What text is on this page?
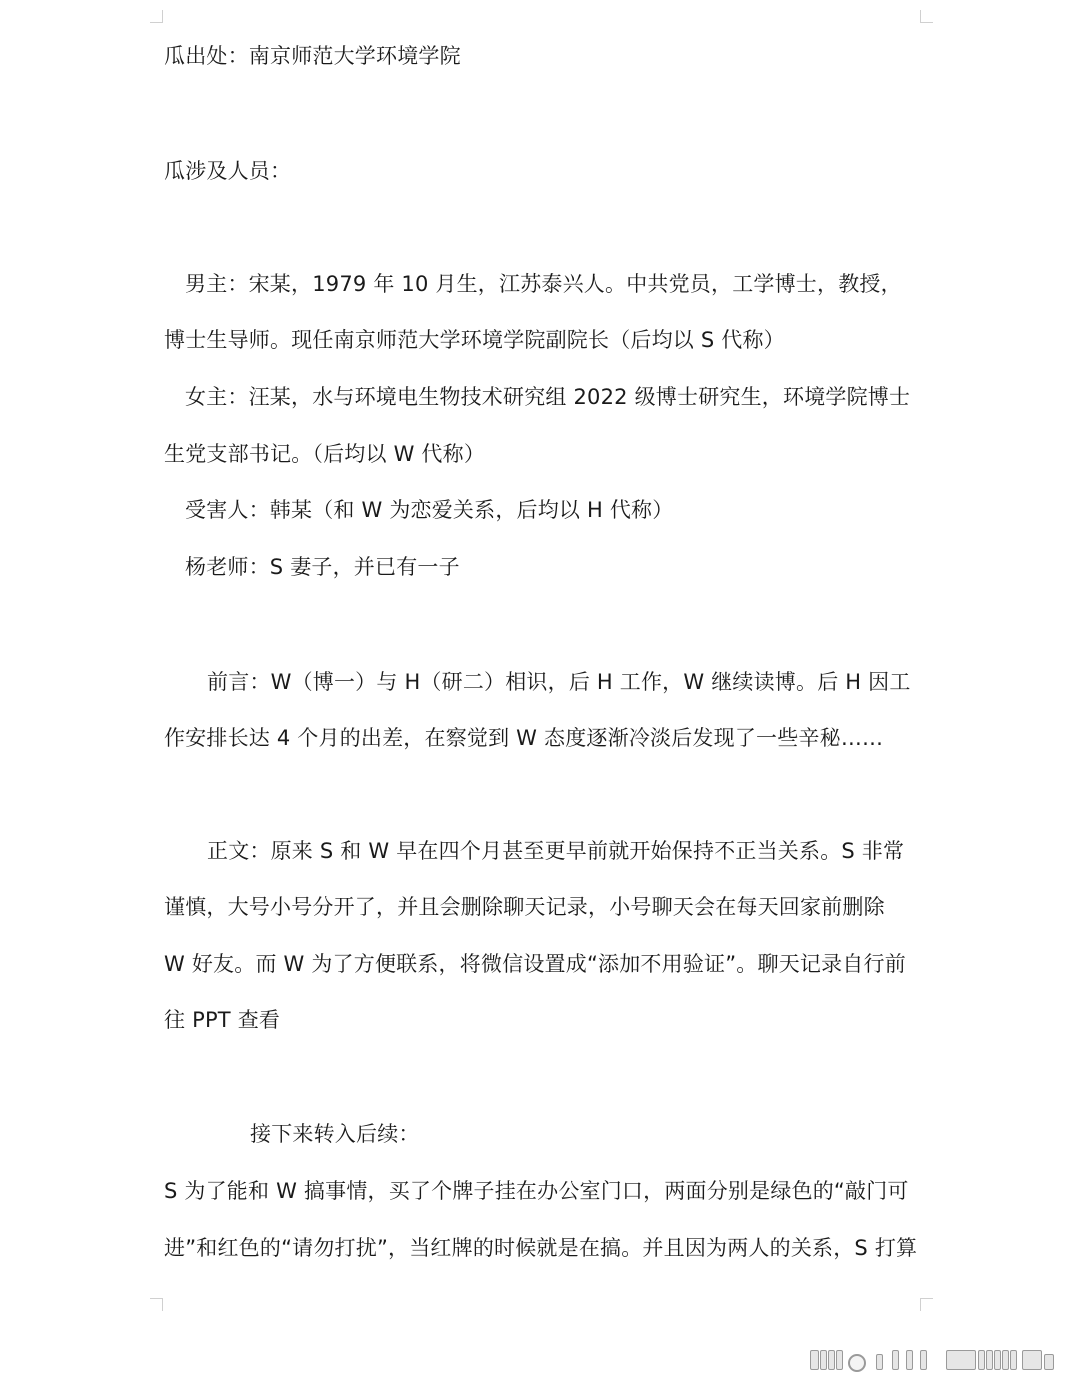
瓜出处：南京师范大学环境学院
瓜涉及人员：
男主：宋某，1979 年 10 月生，江苏泰兴人。中共党员，工学博士，教授，
博士生导师。现任南京师范大学环境学院副院长（后均以 S 代称）
女主：汪某，水与环境电生物技术研究组 2022 级博士研究生，环境学院博士
生党支部书记。（后均以 W 代称）
受害人：韩某（和 W 为恋爱关系，后均以 H 代称）
杨老师：S 妻子，并已有一子
前言：W（博一）与 H（研二）相识，后 H 工作，W 继续读博。后 H 因工
作安排长达 4 个月的出差，在察觉到 W 态度逐渐冷淡后发现了一些辛秘……
正文：原来 S 和 W 早在四个月甚至更早前就开始保持不正当关系。S 非常
谨慎，大号小号分开了，并且会删除聊天记录，小号聊天会在每天回家前删除
W 好友。而 W 为了方便联系，将微信设置成“添加不用验证”。聊天记录自行前
往 PPT 查看
接下来转入后续：
S 为了能和 W 搞事情，买了个牌子挂在办公室门口，两面分别是绿色的“敲门可
进”和红色的“请勿打扰”，当红牌的时候就是在搞。并且因为两人的关系，S 打算
